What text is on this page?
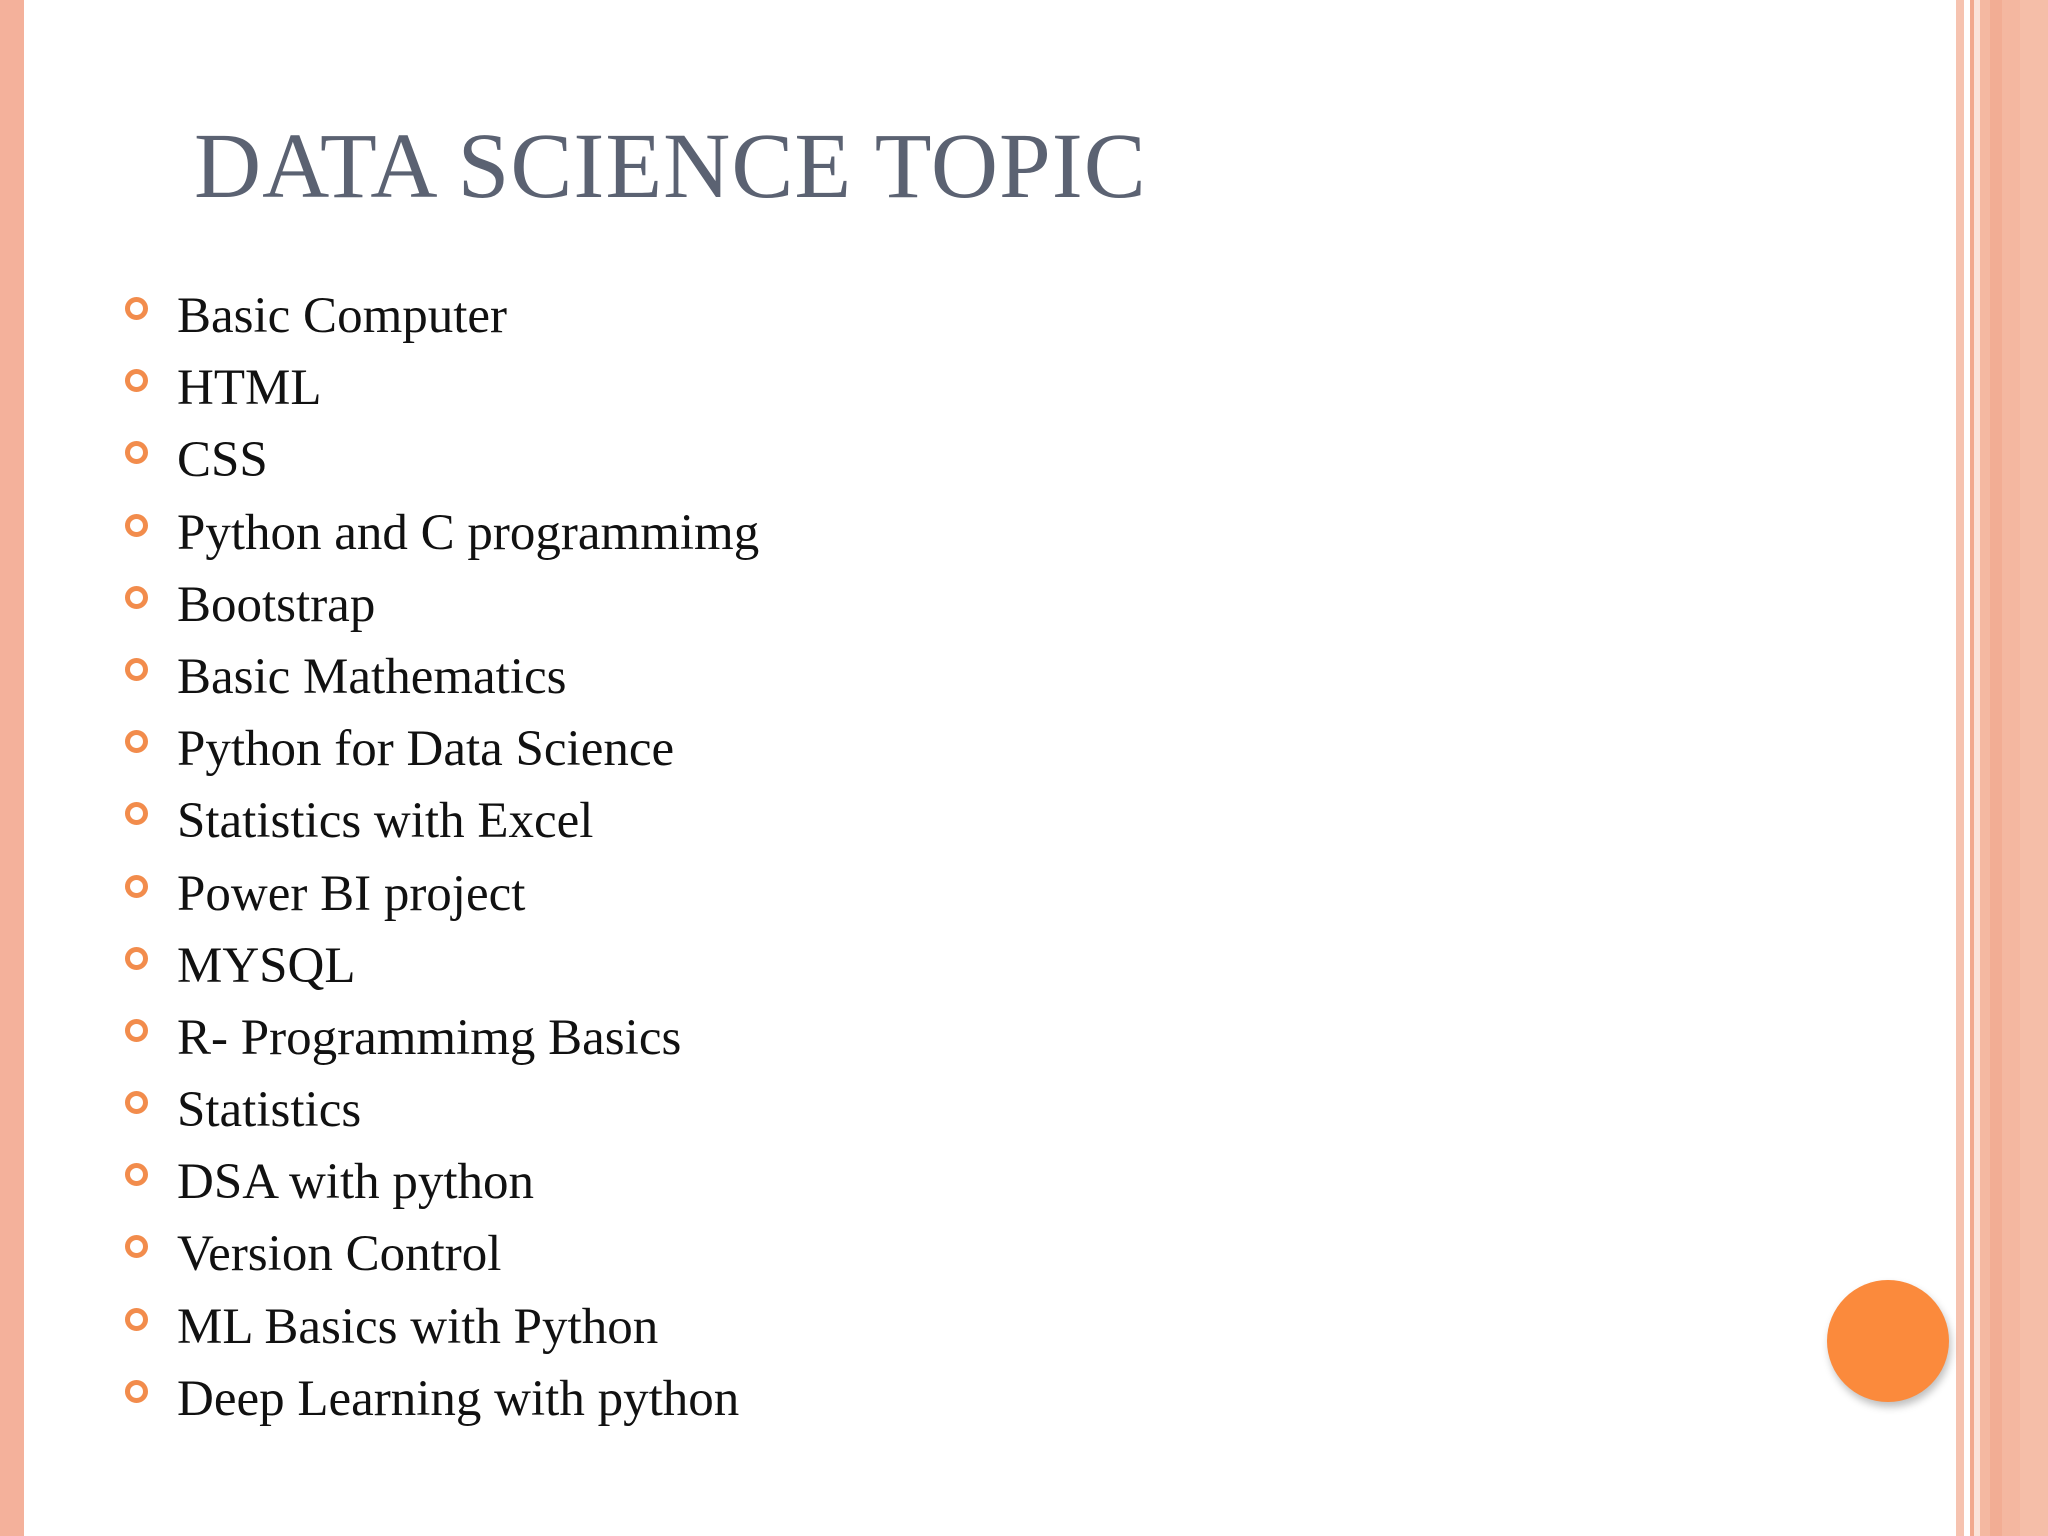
DATA SCIENCE TOPIC
Basic Computer
HTML
CSS
Python and C programmimg
Bootstrap
Basic Mathematics
Python for Data Science
Statistics with Excel
Power BI project
MYSQL
R- Programmimg Basics
Statistics
DSA with python
Version Control
ML Basics with Python
Deep Learning with python
